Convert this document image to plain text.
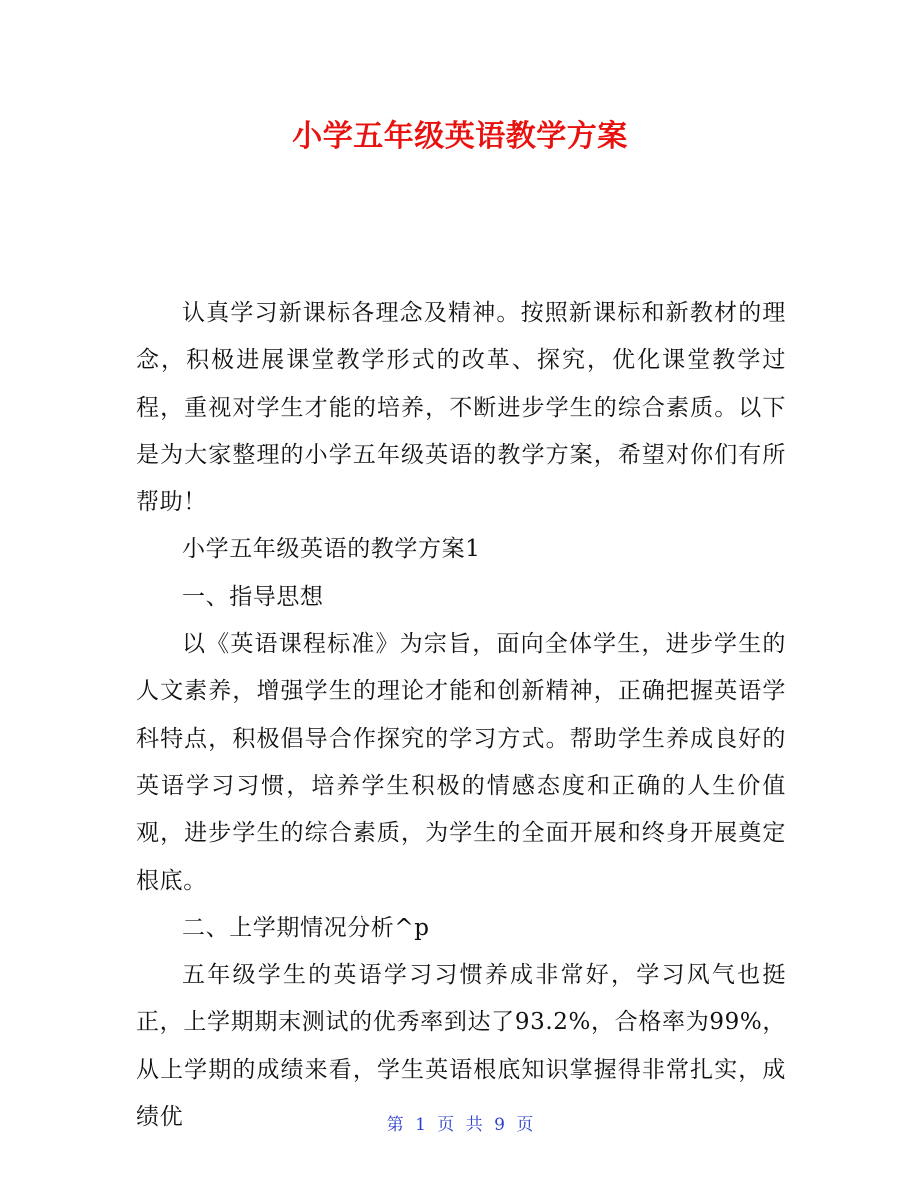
小学五年级英语教学方案

认真学习新课标各理念及精神。按照新课标和新教材的理念，积极进展课堂教学形式的改革、探究，优化课堂教学过程，重视对学生才能的培养，不断进步学生的综合素质。以下是为大家整理的小学五年级英语的教学方案，希望对你们有所帮助！

小学五年级英语的教学方案1

一、指导思想

以《英语课程标准》为宗旨，面向全体学生，进步学生的人文素养，增强学生的理论才能和创新精神，正确把握英语学科特点，积极倡导合作探究的学习方式。帮助学生养成良好的英语学习习惯，培养学生积极的情感态度和正确的人生价值观，进步学生的综合素质，为学生的全面开展和终身开展奠定根底。

二、上学期情况分析^p

五年级学生的英语学习习惯养成非常好，学习风气也挺正，上学期期末测试的优秀率到达了93.2%，合格率为99%，从上学期的成绩来看，学生英语根底知识掌握得非常扎实，成绩优	第 1 页 共 9 页
